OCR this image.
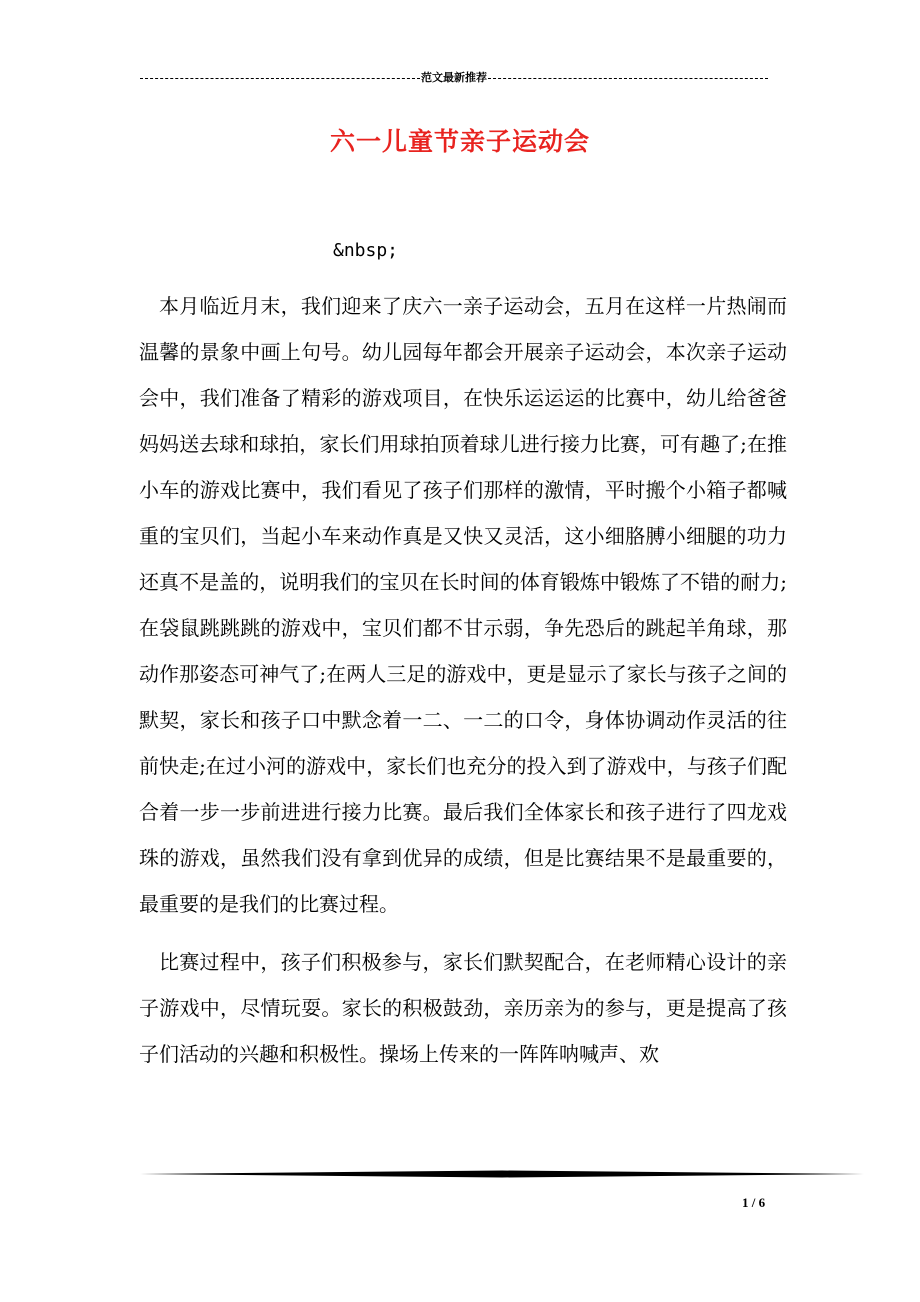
范文最新推荐
六一儿童节亲子运动会
&nbsp;

本月临近月末，我们迎来了庆六一亲子运动会，五月在这样一片热闹而温馨的景象中画上句号。幼儿园每年都会开展亲子运动会，本次亲子运动会中，我们准备了精彩的游戏项目，在快乐运运运的比赛中，幼儿给爸爸妈妈送去球和球拍，家长们用球拍顶着球儿进行接力比赛，可有趣了;在推小车的游戏比赛中，我们看见了孩子们那样的激情，平时搬个小箱子都喊重的宝贝们，当起小车来动作真是又快又灵活，这小细胳膊小细腿的功力还真不是盖的，说明我们的宝贝在长时间的体育锻炼中锻炼了不错的耐力;在袋鼠跳跳跳的游戏中，宝贝们都不甘示弱，争先恐后的跳起羊角球，那动作那姿态可神气了;在两人三足的游戏中，更是显示了家长与孩子之间的默契，家长和孩子口中默念着一二、一二的口令，身体协调动作灵活的往前快走;在过小河的游戏中，家长们也充分的投入到了游戏中，与孩子们配合着一步一步前进进行接力比赛。最后我们全体家长和孩子进行了四龙戏珠的游戏，虽然我们没有拿到优异的成绩，但是比赛结果不是最重要的，最重要的是我们的比赛过程。

比赛过程中，孩子们积极参与，家长们默契配合，在老师精心设计的亲子游戏中，尽情玩耍。家长的积极鼓劲，亲历亲为的参与，更是提高了孩子们活动的兴趣和积极性。操场上传来的一阵阵呐喊声、欢

1 / 6
